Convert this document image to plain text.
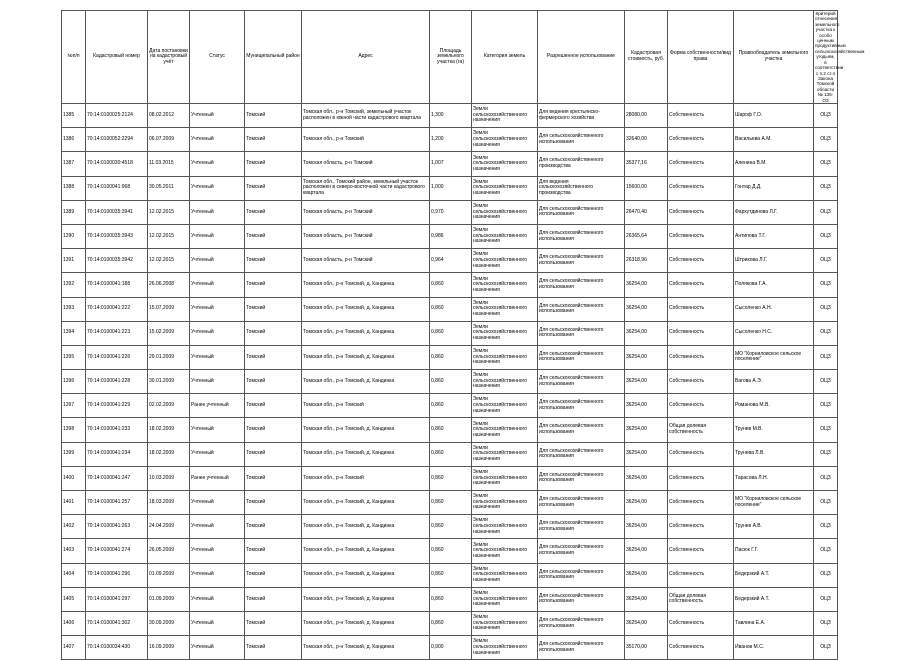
№п/п	Кадастровый номер	Дата постановки на кадастровый учёт	Статус	Муниципальный район	Адрес	Площадь земельного участка (га)	Категория земель	Разрешенное использование	Кадастровая стоимость, руб.	Форма собственности/вид права	Правообладатель земельного участка	Критерий отнесения земельного участка к особо ценным продуктивным сельскохозяйственным угодьям, в соответствии с п.2 ст.4 Закона Томской области № 135-ОЗ
1385	70:14:0100025:2124	08.02.2012	Учтенный	Томский	Томская обл., р-н Томский, земельный участок расположен в южной части кадастрового квартала	1,300	Земли сельскохозяйственного назначения	Для ведения крестьянско-фермерского хозяйства	28080,00	Собственность	Шароф Г.О.	ОЦЗ
1386	70:14:0100052:2294	06.07.2009	Учтенный	Томский	Томская обл., р-н Томский	1,200	Земли сельскохозяйственного назначения	Для сельскохозяйственного использования	32640,00	Собственность	Васильева А.М.	ОЦЗ
1387	70:14:0100030:4518	11.03.2015	Учтенный	Томский	Томская область, р-н Томский	1,007	Земли сельскохозяйственного назначения	Для сельскохозяйственного производства	35377,16	Собственность	Аленина В.М.	ОЦЗ
1388	70:14:0100041:968	30.05.2011	Учтенный	Томский	Томская обл., Томский район, земельный участок расположен в северо-восточной части кадастрового квартала	1,000	Земли сельскохозяйственного назначения	Для ведения сельскохозяйственного производства	15600,00	Собственность	Гонтар Д.Д.	ОЦЗ
1389	70:14:0100035:3941	12.02.2015	Учтенный	Томский	Томская область, р-н Томский	0,970	Земли сельскохозяйственного назначения	Для сельскохозяйственного использования	26470,40	Собственность	Фархутдинова Л.Г.	ОЦЗ
1390	70:14:0100035:3943	12.02.2015	Учтенный	Томский	Томская область, р-н Томский	0,986	Земли сельскохозяйственного назначения	Для сельскохозяйственного использования	26365,64	Собственность	Антипова Т.Г.	ОЦЗ
1391	70:14:0100035:3942	12.02.2015	Учтенный	Томский	Томская область, р-н Томский	0,964	Земли сельскохозяйственного назначения	Для сельскохозяйственного использования	26318,96	Собственность	Штрикова Л.Г.	ОЦЗ
1392	70:14:0100041:188	26.06.2008	Учтенный	Томский	Томская обл., р-н Томский, д. Кандинка	0,860	Земли сельскохозяйственного назначения	Для сельскохозяйственного использования	36254,00	Собственность	Полякова Г.А.	ОЦЗ
1393	70:14:0100041:222	15.07.2009	Учтенный	Томский	Томская обл., р-н Томский, д. Кандинка	0,860	Земли сельскохозяйственного назначения	Для сельскохозяйственного использования	36254,00	Собственность	Сысоленко А.Н.	ОЦЗ
1394	70:14:0100041:223	15.02.2009	Учтенный	Томский	Томская обл., р-н Томский, д. Кандинка	0,860	Земли сельскохозяйственного назначения	Для сельскохозяйственного использования	36254,00	Собственность	Сысоленко Н.С.	ОЦЗ
1395	70:14:0100041:226	29.01.2009	Учтенный	Томский	Томская обл., р-н Томский, д. Кандинка	0,860	Земли сельскохозяйственного назначения	Для сельскохозяйственного использования	36254,00	Собственность	МО "Корнилoвское сельское поселение"	ОЦЗ
1396	70:14:0100041:228	30.01.2009	Учтенный	Томский	Томская обл., р-н Томский, д. Кандинка	0,860	Земли сельскохозяйственного назначения	Для сельскохозяйственного использования	36254,00	Собственность	Вагова А.Э.	ОЦЗ
1397	70:14:0100041:229	02.02.2009	Ранее учтенный	Томский	Томская обл., р-н Томский	0,860	Земли сельскохозяйственного назначения	Для сельскохозяйственного использования	36254,00	Собственность	Романова М.В.	ОЦЗ
1398	70:14:0100041:233	18.02.2009	Учтенный	Томский	Томская обл., р-н Томский, д. Кандинка	0,860	Земли сельскохозяйственного назначения	Для сельскохозяйственного использования	36254,00	Общая долевая собственность	Трунев М.В.	ОЦЗ
1399	70:14:0100041:234	18.02.2009	Учтенный	Томский	Томская обл., р-н Томский, д. Кандинка	0,860	Земли сельскохозяйственного назначения	Для сельскохозяйственного использования	36254,00	Собственность	Трунева Л.В.	ОЦЗ
1400	70:14:0100041:247	10.03.2009	Ранее учтенный	Томский	Томская обл., р-н Томский	0,860	Земли сельскохозяйственного назначения	Для сельскохозяйственного использования	36254,00	Собственность	Тарасова Л.Н.	ОЦЗ
1401	70:14:0100041:257	18.03.2009	Учтенный	Томский	Томская обл., р-н Томский, д. Кандинка	0,860	Земли сельскохозяйственного назначения	Для сельскохозяйственного использования	36254,00	Собственность	МО "Корнилoвское сельское поселение"	ОЦЗ
1402	70:14:0100041:263	24.04.2009	Учтенный	Томский	Томская обл., р-н Томский, д. Кандинка	0,860	Земли сельскохозяйственного назначения	Для сельскохозяйственного использования	36254,00	Собственность	Трунев А.В.	ОЦЗ
1403	70:14:0100041:274	26.05.2009	Учтенный	Томский	Томская обл., р-н Томский, д. Кандинка	0,860	Земли сельскохозяйственного назначения	Для сельскохозяйственного использования	36254,00	Собственность	Пасюк Г.Г.	ОЦЗ
1404	70:14:0100041:296	01.09.2009	Учтенный	Томский	Томская обл., р-н Томский, д. Кандинка	0,860	Земли сельскохозяйственного назначения	Для сельскохозяйственного использования	36254,00	Собственность	Бедерзкий А.Т.	ОЦЗ
1405	70:14:0100041:297	01.09.2009	Учтенный	Томский	Томская обл., р-н Томский, д. Кандинка	0,860	Земли сельскохозяйственного назначения	Для сельскохозяйственного использования	36254,00	Общая долевая собственность	Бедерзкий А.Т.	ОЦЗ
1406	70:14:0100041:302	30.09.2009	Учтенный	Томский	Томская обл., р-н Томский, д. Кандинка	0,860	Земли сельскохозяйственного назначения	Для сельскохозяйственного использования	36254,00	Собственность	Тавлина Е.А.	ОЦЗ
1407	70:14:0100034:430	16.09.2009	Учтенный	Томский	Томская обл., р-н Томский, д. Кандинка	0,900	Земли сельскохозяйственного назначения	Для сельскохозяйственного использования	35170,00	Собственность	Иванов М.С.	ОЦЗ
